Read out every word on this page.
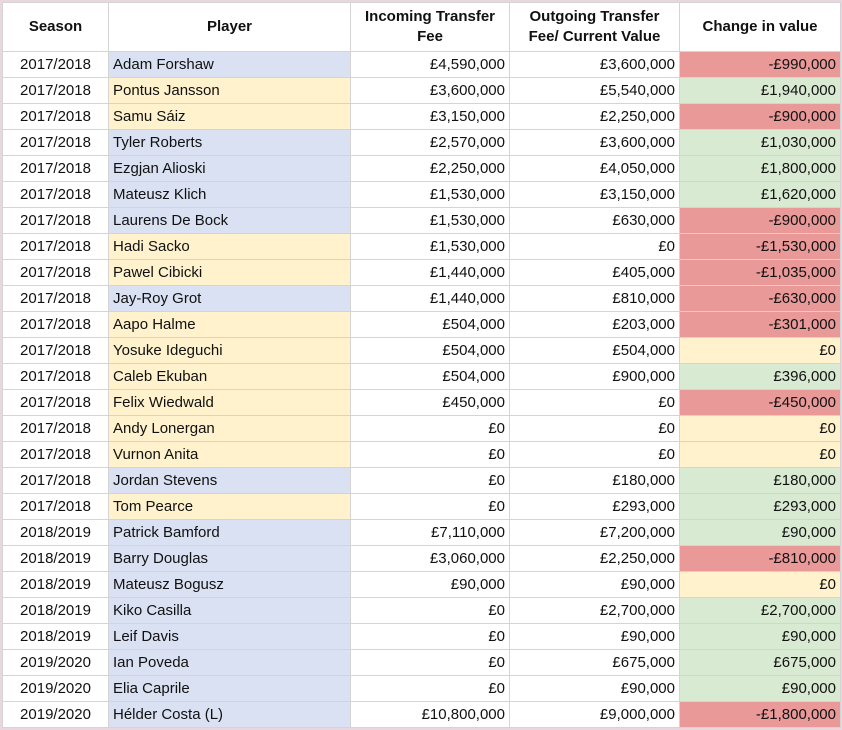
Season	Player	Incoming Transfer Fee	Outgoing Transfer Fee/ Current Value	Change in value
2017/2018	Adam Forshaw	£4,590,000	£3,600,000	-£990,000
2017/2018	Pontus Jansson	£3,600,000	£5,540,000	£1,940,000
2017/2018	Samu Sáiz	£3,150,000	£2,250,000	-£900,000
2017/2018	Tyler Roberts	£2,570,000	£3,600,000	£1,030,000
2017/2018	Ezgjan Alioski	£2,250,000	£4,050,000	£1,800,000
2017/2018	Mateusz Klich	£1,530,000	£3,150,000	£1,620,000
2017/2018	Laurens De Bock	£1,530,000	£630,000	-£900,000
2017/2018	Hadi Sacko	£1,530,000	£0	-£1,530,000
2017/2018	Pawel Cibicki	£1,440,000	£405,000	-£1,035,000
2017/2018	Jay-Roy Grot	£1,440,000	£810,000	-£630,000
2017/2018	Aapo Halme	£504,000	£203,000	-£301,000
2017/2018	Yosuke Ideguchi	£504,000	£504,000	£0
2017/2018	Caleb Ekuban	£504,000	£900,000	£396,000
2017/2018	Felix Wiedwald	£450,000	£0	-£450,000
2017/2018	Andy Lonergan	£0	£0	£0
2017/2018	Vurnon Anita	£0	£0	£0
2017/2018	Jordan Stevens	£0	£180,000	£180,000
2017/2018	Tom Pearce	£0	£293,000	£293,000
2018/2019	Patrick Bamford	£7,110,000	£7,200,000	£90,000
2018/2019	Barry Douglas	£3,060,000	£2,250,000	-£810,000
2018/2019	Mateusz Bogusz	£90,000	£90,000	£0
2018/2019	Kiko Casilla	£0	£2,700,000	£2,700,000
2018/2019	Leif Davis	£0	£90,000	£90,000
2019/2020	Ian Poveda	£0	£675,000	£675,000
2019/2020	Elia Caprile	£0	£90,000	£90,000
2019/2020	Hélder Costa (L)	£10,800,000	£9,000,000	-£1,800,000
